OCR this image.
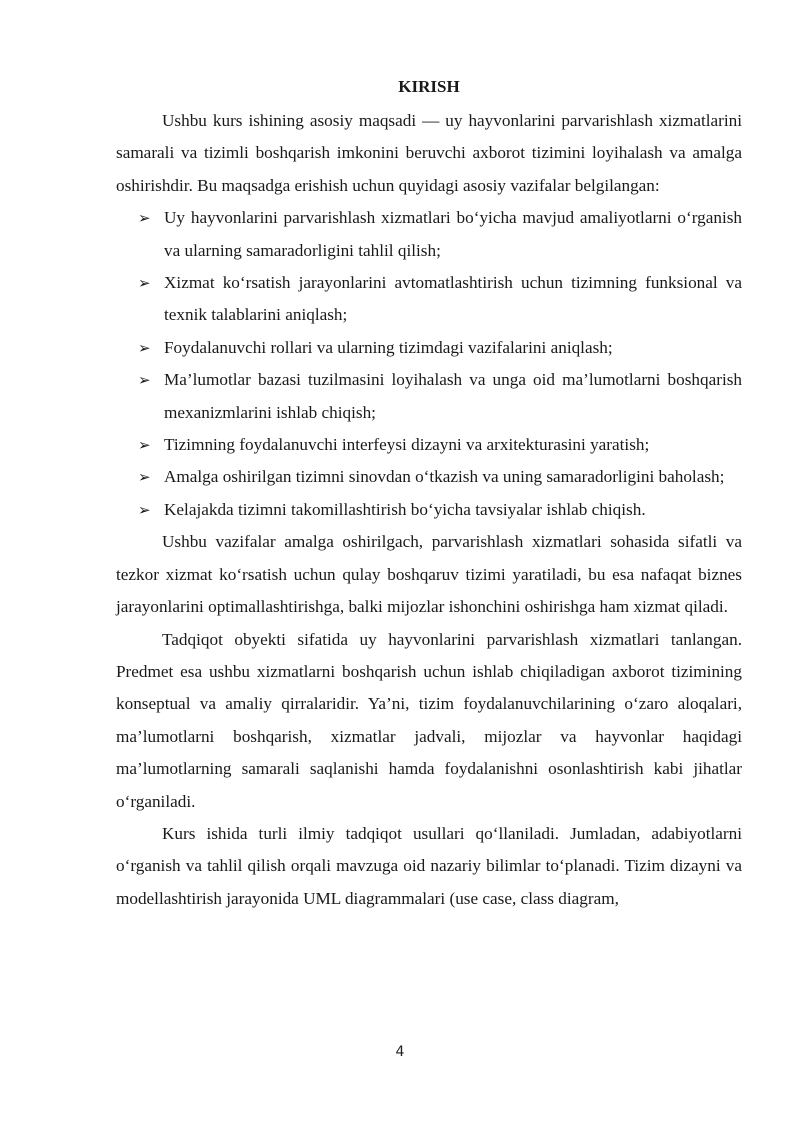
KIRISH

Ushbu kurs ishining asosiy maqsadi — uy hayvonlarini parvarishlash xizmatlarini samarali va tizimli boshqarish imkonini beruvchi axborot tizimini loyihalash va amalga oshirishdir. Bu maqsadga erishish uchun quyidagi asosiy vazifalar belgilangan:

➢ Uy hayvonlarini parvarishlash xizmatlari bo‘yicha mavjud amaliyotlarni o‘rganish va ularning samaradorligini tahlil qilish;
➢ Xizmat ko‘rsatish jarayonlarini avtomatlashtirish uchun tizimning funksional va texnik talablarini aniqlash;
➢ Foydalanuvchi rollari va ularning tizimdagi vazifalarini aniqlash;
➢ Ma’lumotlar bazasi tuzilmasini loyihalash va unga oid ma’lumotlarni boshqarish mexanizmlarini ishlab chiqish;
➢ Tizimning foydalanuvchi interfeysi dizayni va arxitekturasini yaratish;
➢ Amalga oshirilgan tizimni sinovdan o‘tkazish va uning samaradorligini baholash;
➢ Kelajakda tizimni takomillashtirish bo‘yicha tavsiyalar ishlab chiqish.

Ushbu vazifalar amalga oshirilgach, parvarishlash xizmatlari sohasida sifatli va tezkor xizmat ko‘rsatish uchun qulay boshqaruv tizimi yaratiladi, bu esa nafaqat biznes jarayonlarini optimallashtirishga, balki mijozlar ishonchini oshirishga ham xizmat qiladi.

Tadqiqot obyekti sifatida uy hayvonlarini parvarishlash xizmatlari tanlangan. Predmet esa ushbu xizmatlarni boshqarish uchun ishlab chiqiladigan axborot tizimining konseptual va amaliy qirralaridir. Ya’ni, tizim foydalanuvchilarining o‘zaro aloqalari, ma’lumotlarni boshqarish, xizmatlar jadvali, mijozlar va hayvonlar haqidagi ma’lumotlarning samarali saqlanishi hamda foydalanishni osonlashtirish kabi jihatlar o‘rganiladi.

Kurs ishida turli ilmiy tadqiqot usullari qo‘llaniladi. Jumladan, adabiyotlarni o‘rganish va tahlil qilish orqali mavzuga oid nazariy bilimlar to‘planadi. Tizim dizayni va modellashtirish jarayonida UML diagrammalari (use case, class diagram,

4
